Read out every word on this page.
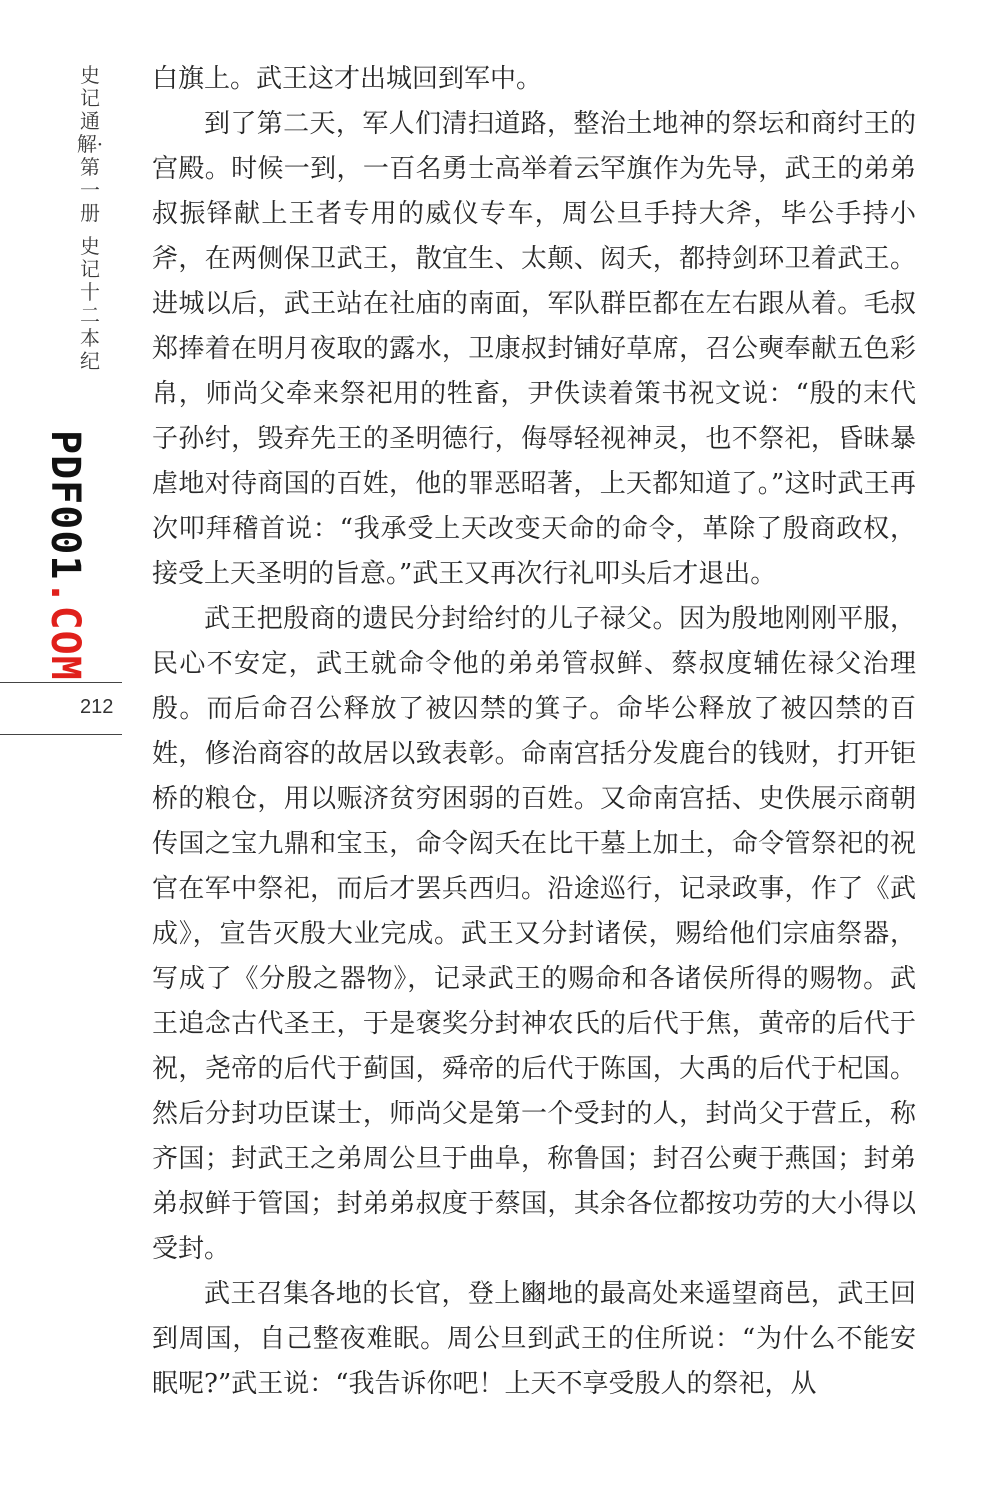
史记通解·第一册
史记十二本纪
PDF001.COM
212

白旗上。武王这才出城回到军中。

到了第二天，军人们清扫道路，整治土地神的祭坛和商纣王的宫殿。时候一到，一百名勇士高举着云罕旗作为先导，武王的弟弟叔振铎献上王者专用的威仪专车，周公旦手持大斧，毕公手持小斧，在两侧保卫武王，散宜生、太颠、闳夭，都持剑环卫着武王。进城以后，武王站在社庙的南面，军队群臣都在左右跟从着。毛叔郑捧着在明月夜取的露水，卫康叔封铺好草席，召公奭奉献五色彩帛，师尚父牵来祭祀用的牲畜，尹佚读着策书祝文说：“殷的末代子孙纣，毁弃先王的圣明德行，侮辱轻视神灵，也不祭祀，昏昧暴虐地对待商国的百姓，他的罪恶昭著，上天都知道了。”这时武王再次叩拜稽首说：“我承受上天改变天命的命令，革除了殷商政权，接受上天圣明的旨意。”武王又再次行礼叩头后才退出。

武王把殷商的遗民分封给纣的儿子禄父。因为殷地刚刚平服，民心不安定，武王就命令他的弟弟管叔鲜、蔡叔度辅佐禄父治理殷。而后命召公释放了被囚禁的箕子。命毕公释放了被囚禁的百姓，修治商容的故居以致表彰。命南宫括分发鹿台的钱财，打开钜桥的粮仓，用以赈济贫穷困弱的百姓。又命南宫括、史佚展示商朝传国之宝九鼎和宝玉，命令闳夭在比干墓上加土，命令管祭祀的祝官在军中祭祀，而后才罢兵西归。沿途巡行，记录政事，作了《武成》，宣告灭殷大业完成。武王又分封诸侯，赐给他们宗庙祭器，写成了《分殷之器物》，记录武王的赐命和各诸侯所得的赐物。武王追念古代圣王，于是褒奖分封神农氏的后代于焦，黄帝的后代于祝，尧帝的后代于蓟国，舜帝的后代于陈国，大禹的后代于杞国。然后分封功臣谋士，师尚父是第一个受封的人，封尚父于营丘，称齐国；封武王之弟周公旦于曲阜，称鲁国；封召公奭于燕国；封弟弟叔鲜于管国；封弟弟叔度于蔡国，其余各位都按功劳的大小得以受封。

武王召集各地的长官，登上豳地的最高处来遥望商邑，武王回到周国，自己整夜难眠。周公旦到武王的住所说：“为什么不能安眠呢?”武王说：“我告诉你吧！上天不享受殷人的祭祀，从
